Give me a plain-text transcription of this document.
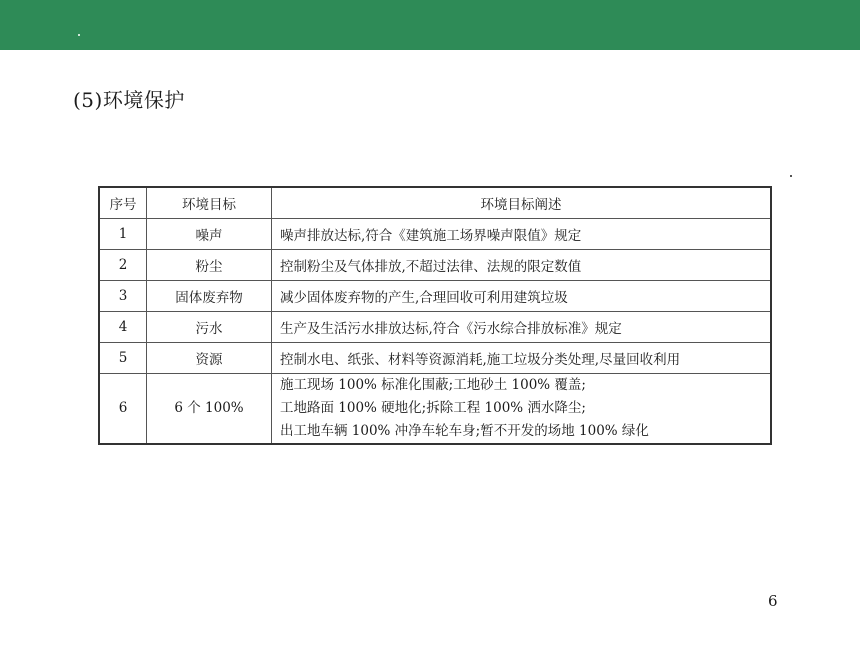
(5)环境保护
序号	环境目标	环境目标阐述
1	噪声	噪声排放达标,符合《建筑施工场界噪声限值》规定
2	粉尘	控制粉尘及气体排放,不超过法律、法规的限定数值
3	固体废弃物	减少固体废弃物的产生,合理回收可利用建筑垃圾
4	污水	生产及生活污水排放达标,符合《污水综合排放标准》规定
5	资源	控制水电、纸张、材料等资源消耗,施工垃圾分类处理,尽量回收利用
6	6 个 100%	施工现场 100% 标准化围蔽;工地砂土 100% 覆盖;
工地路面 100% 硬地化;拆除工程 100% 洒水降尘;
出工地车辆 100% 冲净车轮车身;暂不开发的场地 100% 绿化
6
